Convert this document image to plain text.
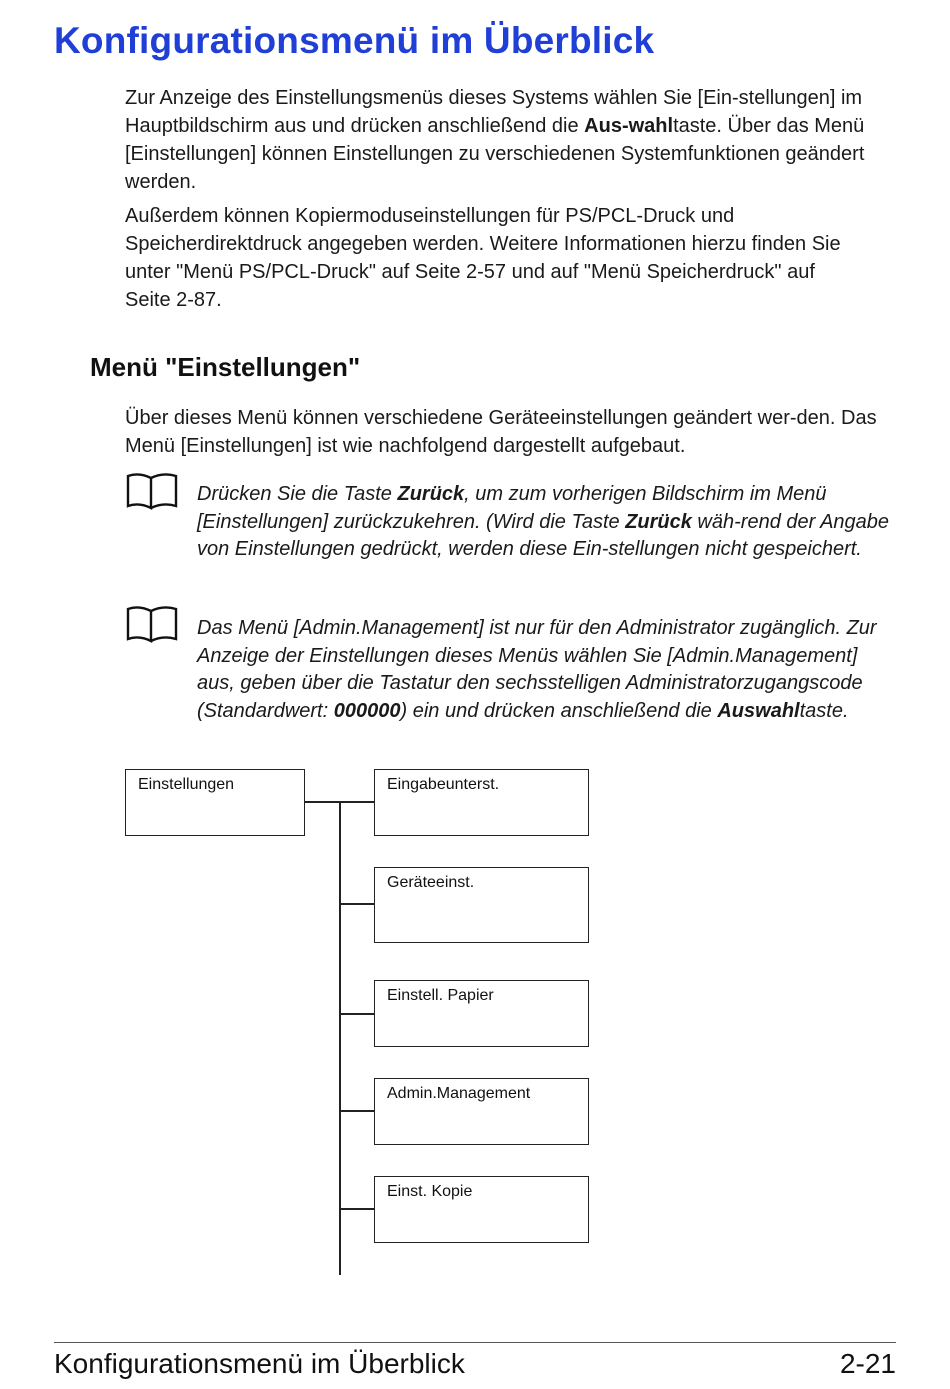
Konfigurationsmenü im Überblick

Zur Anzeige des Einstellungsmenüs dieses Systems wählen Sie [Ein-stellungen] im Hauptbildschirm aus und drücken anschließend die Aus-wahltaste. Über das Menü [Einstellungen] können Einstellungen zu verschiedenen Systemfunktionen geändert werden.

Außerdem können Kopiermoduseinstellungen für PS/PCL-Druck und Speicherdirektdruck angegeben werden. Weitere Informationen hierzu finden Sie unter "Menü PS/PCL-Druck" auf Seite 2-57 und auf "Menü Speicherdruck" auf Seite 2-87.

Menü "Einstellungen"

Über dieses Menü können verschiedene Geräteeinstellungen geändert wer-den. Das Menü [Einstellungen] ist wie nachfolgend dargestellt aufgebaut.

Drücken Sie die Taste Zurück, um zum vorherigen Bildschirm im Menü [Einstellungen] zurückzukehren. (Wird die Taste Zurück wäh-rend der Angabe von Einstellungen gedrückt, werden diese Ein-stellungen nicht gespeichert.

Das Menü [Admin.Management] ist nur für den Administrator zugänglich. Zur Anzeige der Einstellungen dieses Menüs wählen Sie [Admin.Management] aus, geben über die Tastatur den sechsstelligen Administratorzugangscode (Standardwert: 000000) ein und drücken anschließend die Auswahltaste.

Einstellungen	Eingabeunterst.
Geräteeinst.
Einstell. Papier
Admin.Management
Einst. Kopie
Konfigurationsmenü im Überblick	2-21
